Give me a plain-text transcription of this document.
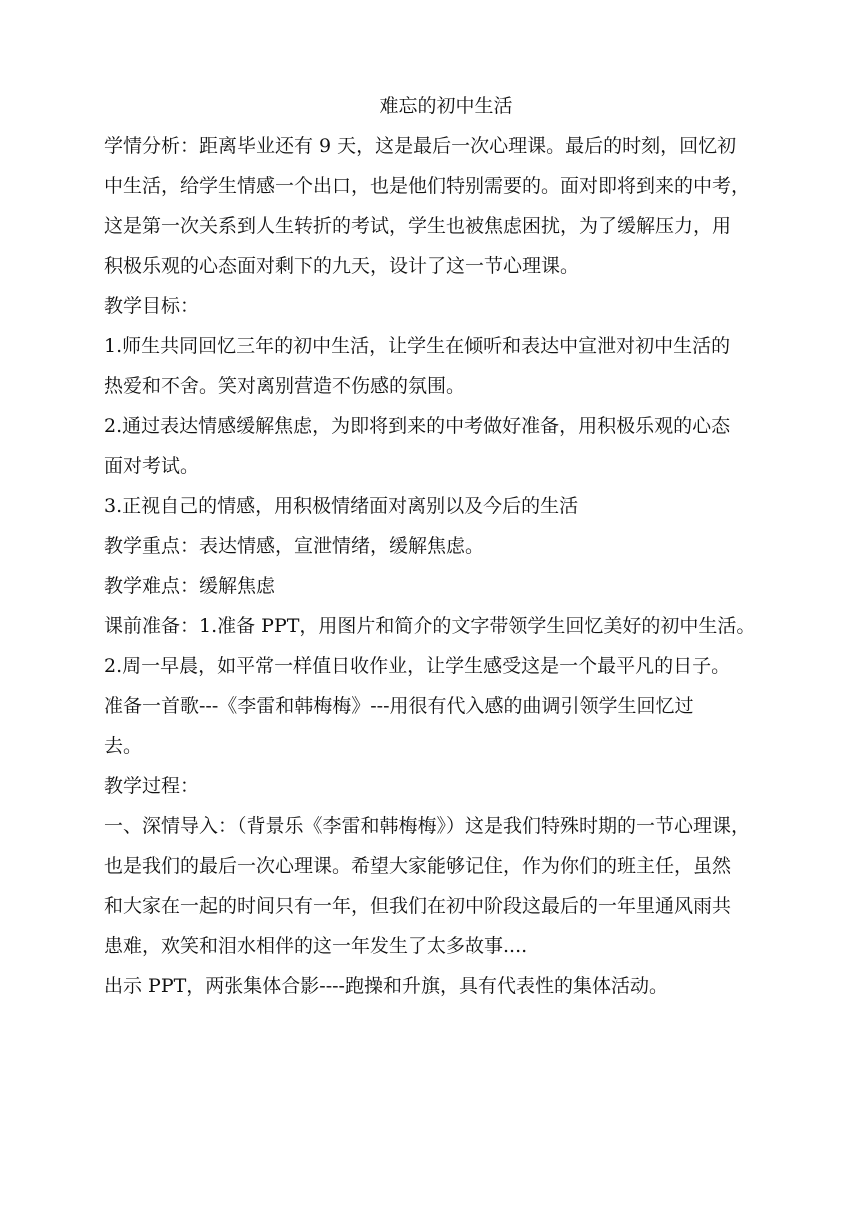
难忘的初中生活
学情分析：距离毕业还有 9 天，这是最后一次心理课。最后的时刻，回忆初
中生活，给学生情感一个出口，也是他们特别需要的。面对即将到来的中考，
这是第一次关系到人生转折的考试，学生也被焦虑困扰，为了缓解压力，用
积极乐观的心态面对剩下的九天，设计了这一节心理课。
教学目标：
1.师生共同回忆三年的初中生活，让学生在倾听和表达中宣泄对初中生活的
热爱和不舍。笑对离别营造不伤感的氛围。
2.通过表达情感缓解焦虑，为即将到来的中考做好准备，用积极乐观的心态
面对考试。
3.正视自己的情感，用积极情绪面对离别以及今后的生活
教学重点：表达情感，宣泄情绪，缓解焦虑。
教学难点：缓解焦虑
课前准备：1.准备 PPT，用图片和简介的文字带领学生回忆美好的初中生活。
2.周一早晨，如平常一样值日收作业，让学生感受这是一个最平凡的日子。
准备一首歌---《李雷和韩梅梅》---用很有代入感的曲调引领学生回忆过
去。
教学过程：
一、深情导入：（背景乐《李雷和韩梅梅》）这是我们特殊时期的一节心理课，
也是我们的最后一次心理课。希望大家能够记住，作为你们的班主任，虽然
和大家在一起的时间只有一年，但我们在初中阶段这最后的一年里通风雨共
患难，欢笑和泪水相伴的这一年发生了太多故事....
出示 PPT，两张集体合影----跑操和升旗，具有代表性的集体活动。
